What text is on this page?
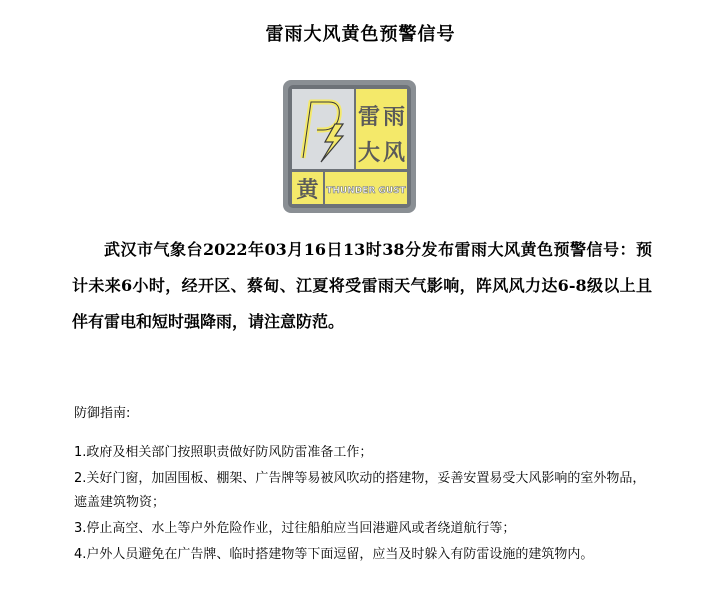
雷雨大风黄色预警信号
雷 雨
大 风
黄 THUNDER GUST
武汉市气象台2022年03月16日13时38分发布雷雨大风黄色预警信号：预计未来6小时，经开区、蔡甸、江夏将受雷雨天气影响，阵风风力达6-8级以上且伴有雷电和短时强降雨，请注意防范。
防御指南:
1.政府及相关部门按照职责做好防风防雷准备工作；
2.关好门窗，加固围板、棚架、广告牌等易被风吹动的搭建物，妥善安置易受大风影响的室外物品，遮盖建筑物资；
3.停止高空、水上等户外危险作业，过往船舶应当回港避风或者绕道航行等；
4.户外人员避免在广告牌、临时搭建物等下面逗留，应当及时躲入有防雷设施的建筑物内。
